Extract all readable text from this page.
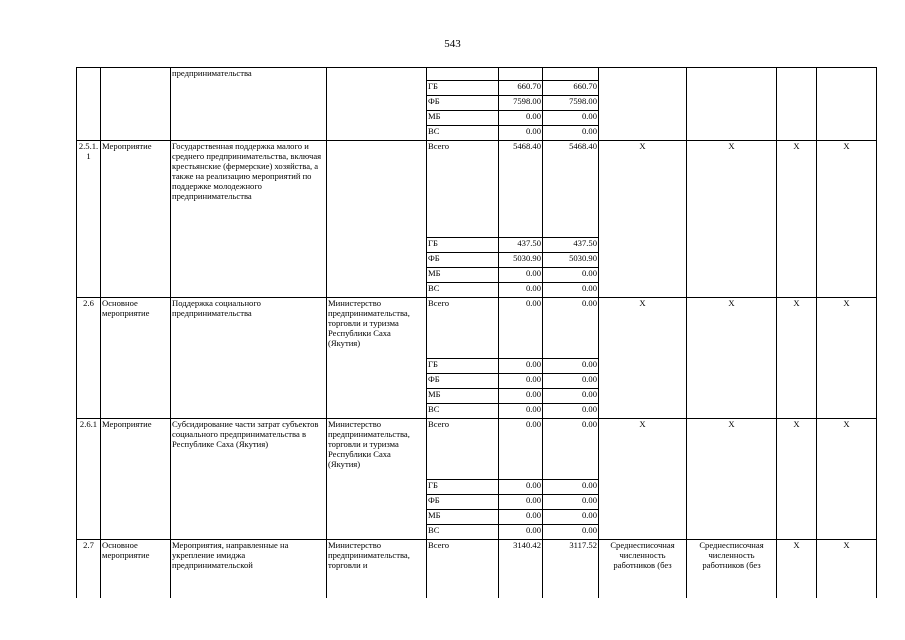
543
		предпринимательства								
				ГБ	660.70	660.70				
				ФБ	7598.00	7598.00				
				МБ	0.00	0.00				
				ВС	0.00	0.00				
2.5.1.1	Мероприятие	Государственная поддержка малого и среднего предпринимательства, включая крестьянские (фермерские) хозяйства, а также на реализацию мероприятий по поддержке молодежного предпринимательства		Всего	5468.40	5468.40	Х	Х	Х	Х
				ГБ	437.50	437.50				
				ФБ	5030.90	5030.90				
				МБ	0.00	0.00				
				ВС	0.00	0.00				
2.6	Основное мероприятие	Поддержка социального предпринимательства	Министерство предпринимательства, торговли и туризма Республики Саха (Якутия)	Всего	0.00	0.00	Х	Х	Х	Х
				ГБ	0.00	0.00				
				ФБ	0.00	0.00				
				МБ	0.00	0.00				
				ВС	0.00	0.00				
2.6.1	Мероприятие	Субсидирование части затрат субъектов социального предпринимательства в Республике Саха (Якутия)	Министерство предпринимательства, торговли и туризма Республики Саха (Якутия)	Всего	0.00	0.00	Х	Х	Х	Х
				ГБ	0.00	0.00				
				ФБ	0.00	0.00				
				МБ	0.00	0.00				
				ВС	0.00	0.00				
2.7	Основное мероприятие	Мероприятия, направленные на укрепление имиджа предпринимательской	Министерство предпринимательства, торговли и	Всего	3140.42	3117.52	Среднесписочная численность работников (без	Среднесписочная численность работников (без	Х	Х
